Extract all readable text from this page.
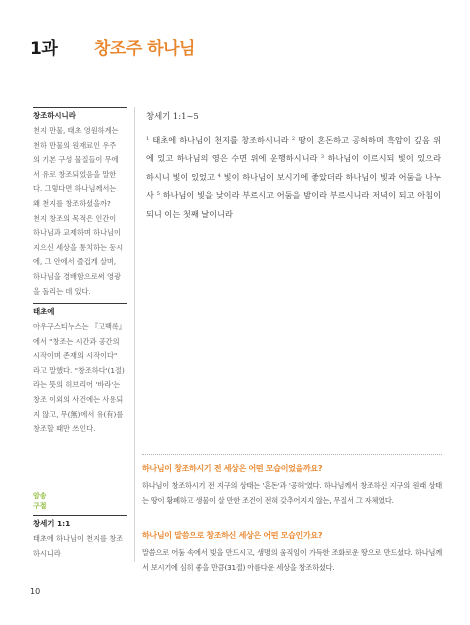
1과 창조주 하나님
창조하시니라

천지 만물, 태초 영원하계는

천하 만물의 원재료인 우주

의 기본 구성 물질들이 무에

서 유로 창조되었음을 말한

다. 그렇다면 하나님께서는

왜 천지를 창조하셨을까?

천지 창조의 목적은 인간이

하나님과 교제하며 하나님이

지으신 세상을 통치하는 동시

에, 그 안에서 즐겁게 살며,

하나님을 경배함으로써 영광

을 돌리는 데 있다.

태초에

아우구스티누스는 『고백록』

에서 "창조는 시간과 공간의

시작이며 존재의 시작이다"

라고 말했다. "창조하다'(1절)

라는 뜻의 히브리어 '바라'는

창조 이외의 사건에는 사용되

지 않고, 무(無)에서 유(有)를

창조할 때만 쓰인다.

암송
구절
창세기 1:1

태초에 하나님이 천지를 창조

하시니라

창세기 1:1~5
$^1$ 태초에 하나님이 천지를 창조하시니라 $^2$ 땅이 혼돈하고 공허하며 흑암이 깊음 위에 있고 하나님의 영은 수면 위에 운행하시니라 $^3$ 하나님이 이르시되 빛이 있으라 하시니 빛이 있었고 $^4$ 빛이 하나님이 보시기에 좋았더라 하나님이 빛과 어둠을 나누사 $^5$ 하나님이 빛을 낮이라 부르시고 어둠을 밤이라 부르시니라 저녁이 되고 아침이 되니 이는 첫째 날이니라
하나님이 창조하시기 전 세상은 어떤 모습이었을까요?
하나님이 창조하시기 전 지구의 상태는 '혼돈'과 '공허'였다. 하나님께서 창조하신 지구의 원래 상태는 땅이 황폐하고 생물이 살 만한 조건이 전혀 갖추어지지 않는, 무질서 그 자체였다.
하나님이 말씀으로 창조하신 세상은 어떤 모습인가요?
말씀으로 어둠 속에서 빛을 만드시고, 생명의 움직임이 가득한 조화로운 땅으로 만드셨다. 하나님께서 보시기에 심히 좋을 만큼(31절) 아름다운 세상을 창조하셨다.
10
